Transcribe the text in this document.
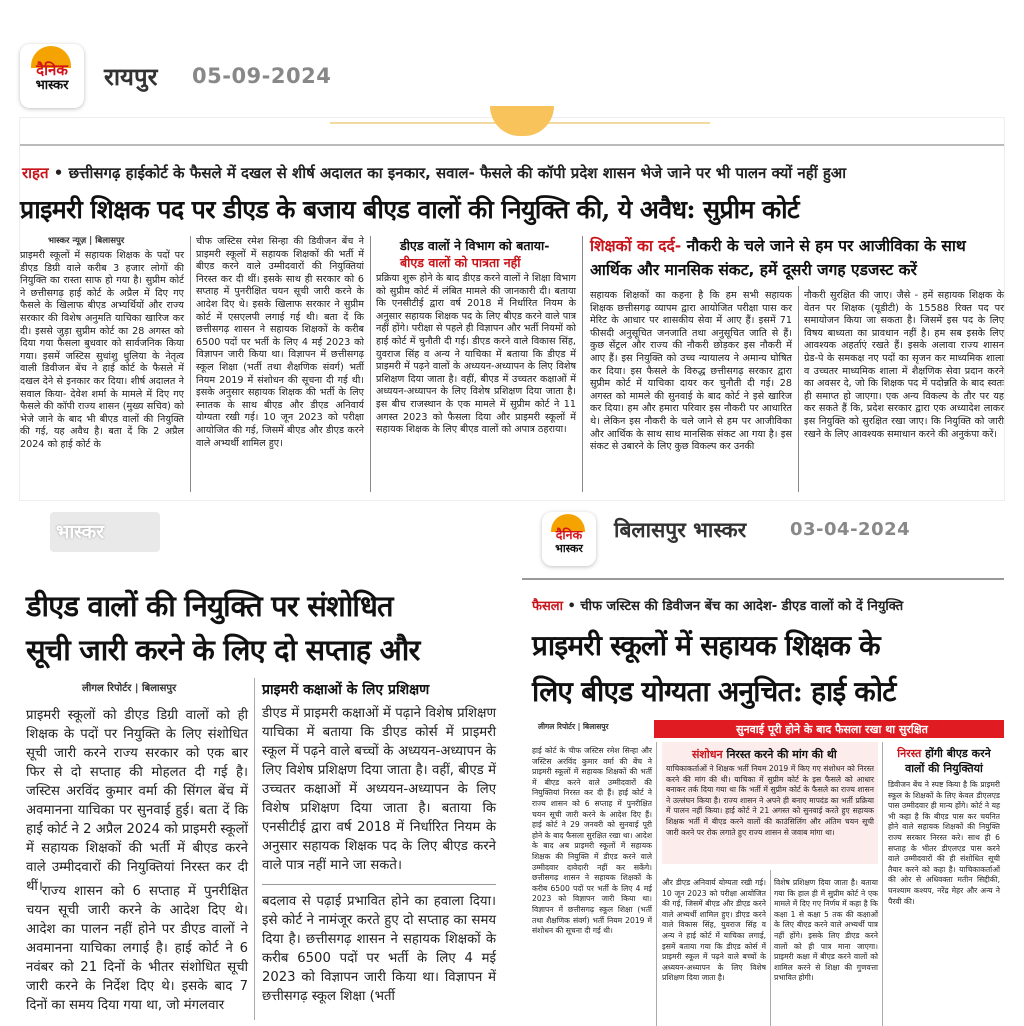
दैनिक
भास्कर	रायपुर 05-09-2024
राहत • छत्तीसगढ़ हाईकोर्ट के फैसले में दखल से शीर्ष अदालत का इनकार, सवाल- फैसले की कॉपी प्रदेश शासन भेजे जाने पर भी पालन क्यों नहीं हुआ
प्राइमरी शिक्षक पद पर डीएड के बजाय बीएड वालों की नियुक्ति की, ये अवैध: सुप्रीम कोर्ट
भास्कर न्यूज़ | बिलासपुर
प्राइमरी स्कूलों में सहायक शिक्षक के पदों पर डीएड डिग्री वाले करीब 3 हजार लोगों की नियुक्ति का रास्ता साफ हो गया है। सुप्रीम कोर्ट ने छत्तीसगढ़ हाई कोर्ट के अप्रैल में दिए गए फैसले के खिलाफ बीएड अभ्यर्थियों और राज्य सरकार की विशेष अनुमति याचिका खारिज कर दी। इससे जुड़ा सुप्रीम कोर्ट का 28 अगस्त को दिया गया फैसला बुधवार को सार्वजनिक किया गया। इसमें जस्टिस सुधांशु धुलिया के नेतृत्व वाली डिवीजन बेंच ने हाई कोर्ट के फैसले में दखल देने से इनकार कर दिया। शीर्ष अदालत ने सवाल किया- देवेश शर्मा के मामले में दिए गए फैसले की कॉपी राज्य शासन (मुख्य सचिव) को भेजे जाने के बाद भी बीएड वालों की नियुक्ति की गई, यह अवैध है। बता दें कि 2 अप्रैल 2024 को हाई कोर्ट के
चीफ जस्टिस रमेश सिन्हा की डिवीजन बेंच ने प्राइमरी स्कूलों में सहायक शिक्षकों की भर्ती में बीएड करने वाले उम्मीदवारों की नियुक्तियां निरस्त कर दी थीं। इसके साथ ही सरकार को 6 सप्ताह में पुनरीक्षित चयन सूची जारी करने के आदेश दिए थे। इसके खिलाफ सरकार ने सुप्रीम कोर्ट में एसएलपी लगाई गई थी। बता दें कि छत्तीसगढ़ शासन ने सहायक शिक्षकों के करीब 6500 पदों पर भर्ती के लिए 4 मई 2023 को विज्ञापन जारी किया था। विज्ञापन में छत्तीसगढ़ स्कूल शिक्षा (भर्ती तथा शैक्षणिक संवर्ग) भर्ती नियम 2019 में संशोधन की सूचना दी गई थी। इसके अनुसार सहायक शिक्षक की भर्ती के लिए स्नातक के साथ बीएड और डीएड अनिवार्य योग्यता रखी गई। 10 जून 2023 को परीक्षा आयोजित की गई, जिसमें बीएड और डीएड करने वाले अभ्यर्थी शामिल हुए।
डीएड वालों ने विभाग को बताया-
बीएड वालों को पात्रता नहीं
प्रक्रिया शुरू होने के बाद डीएड करने वालों ने शिक्षा विभाग को सुप्रीम कोर्ट में लंबित मामले की जानकारी दी। बताया कि एनसीटीई द्वारा वर्ष 2018 में निर्धारित नियम के अनुसार सहायक शिक्षक पद के लिए बीएड करने वाले पात्र नहीं होंगे। परीक्षा से पहले ही विज्ञापन और भर्ती नियमों को हाई कोर्ट में चुनौती दी गई। डीएड करने वाले विकास सिंह, युवराज सिंह व अन्य ने याचिका में बताया कि डीएड में प्राइमरी में पढ़ने वालों के अध्ययन-अध्यापन के लिए विशेष प्रशिक्षण दिया जाता है। वहीं, बीएड में उच्चतर कक्षाओं में अध्ययन-अध्यापन के लिए विशेष प्रशिक्षण दिया जाता है। इस बीच राजस्थान के एक मामले में सुप्रीम कोर्ट ने 11 अगस्त 2023 को फैसला दिया और प्राइमरी स्कूलों में सहायक शिक्षक के लिए बीएड वालों को अपात्र ठहराया।
शिक्षकों का दर्द- नौकरी के चले जाने से हम पर आजीविका के साथ आर्थिक और मानसिक संकट, हमें दूसरी जगह एडजस्ट करें
सहायक शिक्षकों का कहना है कि हम सभी सहायक शिक्षक छत्तीसगढ़ व्यापम द्वारा आयोजित परीक्षा पास कर मेरिट के आधार पर शासकीय सेवा में आए हैं। इसमें 71 फीसदी अनुसूचित जनजाति तथा अनुसूचित जाति से हैं। कुछ सेंट्रल और राज्य की नौकरी छोड़कर इस नौकरी में आए हैं। इस नियुक्ति को उच्च न्यायालय ने अमान्य घोषित कर दिया। इस फैसले के विरुद्ध छत्तीसगढ़ सरकार द्वारा सुप्रीम कोर्ट में याचिका दायर कर चुनौती दी गई। 28 अगस्त को मामले की सुनवाई के बाद कोर्ट ने इसे खारिज कर दिया। हम और हमारा परिवार इस नौकरी पर आधारित थे। लेकिन इस नौकरी के चले जाने से हम पर आजीविका और आर्थिक के साथ साथ मानसिक संकट आ गया है। इस संकट से उबारने के लिए कुछ विकल्प कर उनकी
नौकरी सुरक्षित की जाए। जैसे - हमें सहायक शिक्षक के वेतन पर शिक्षक (यूडीटी) के 15588 रिक्त पद पर समायोजन किया जा सकता है। जिसमें इस पद के लिए विषय बाध्यता का प्रावधान नहीं है। हम सब इसके लिए आवश्यक अहर्ताएं रखते हैं। इसके अलावा राज्य शासन ग्रेड-पे के समकक्ष नए पदों का सृजन कर माध्यमिक शाला व उच्चतर माध्यमिक शाला में शैक्षणिक सेवा प्रदान करने का अवसर दे, जो कि शिक्षक पद में पदोन्नति के बाद स्वतः ही समाप्त हो जाएगा। एक अन्य विकल्प के तौर पर यह कर सकते हैं कि, प्रदेश सरकार द्वारा एक अध्यादेश लाकर इस नियुक्ति को सुरक्षित रखा जाए। कि नियुक्ति को जारी रखने के लिए आवश्यक समाधान करने की अनुकंपा करें।
भास्कर
डीएड वालों की नियुक्ति पर संशोधित
सूची जारी करने के लिए दो सप्ताह और
लीगल रिपोर्टर | बिलासपुर
प्राइमरी स्कूलों को डीएड डिग्री वालों को ही शिक्षक के पदों पर नियुक्ति के लिए संशोधित सूची जारी करने राज्य सरकार को एक बार फिर से दो सप्ताह की मोहलत दी गई है। जस्टिस अरविंद कुमार वर्मा की सिंगल बेंच में अवमानना याचिका पर सुनवाई हुई। बता दें कि हाई कोर्ट ने 2 अप्रैल 2024 को प्राइमरी स्कूलों में सहायक शिक्षकों की भर्ती में बीएड करने वाले उम्मीदवारों की नियुक्तियां निरस्त कर दी थीं। राज्य शासन को 6 सप्ताह में पुनरीक्षित चयन सूची जारी करने के आदेश दिए थे। आदेश का पालन नहीं होने पर डीएड वालों ने अवमानना याचिका लगाई है। हाई कोर्ट ने 6 नवंबर को 21 दिनों के भीतर संशोधित सूची जारी करने के निर्देश दिए थे। इसके बाद 7 दिनों का समय दिया गया था, जो मंगलवार
प्राइमरी कक्षाओं के लिए प्रशिक्षण
डीएड में प्राइमरी कक्षाओं में पढ़ाने विशेष प्रशिक्षण याचिका में बताया कि डीएड कोर्स में प्राइमरी स्कूल में पढ़ने वाले बच्चों के अध्ययन-अध्यापन के लिए विशेष प्रशिक्षण दिया जाता है। वहीं, बीएड में उच्चतर कक्षाओं में अध्ययन-अध्यापन के लिए विशेष प्रशिक्षण दिया जाता है। बताया कि एनसीटीई द्वारा वर्ष 2018 में निर्धारित नियम के अनुसार सहायक शिक्षक पद के लिए बीएड करने वाले पात्र नहीं माने जा सकते।
बदलाव से पढ़ाई प्रभावित होने का हवाला दिया। इसे कोर्ट ने नामंजूर करते हुए दो सप्ताह का समय दिया है। छत्तीसगढ़ शासन ने सहायक शिक्षकों के करीब 6500 पदों पर भर्ती के लिए 4 मई 2023 को विज्ञापन जारी किया था। विज्ञापन में छत्तीसगढ़ स्कूल शिक्षा (भर्ती
दैनिक
भास्कर
बिलासपुर भास्कर 03-04-2024
फैसला • चीफ जस्टिस की डिवीजन बेंच का आदेश- डीएड वालों को दें नियुक्ति
प्राइमरी स्कूलों में सहायक शिक्षक के
लिए बीएड योग्यता अनुचित: हाई कोर्ट
लीगल रिपोर्टर | बिलासपुर	सुनवाई पूरी होने के बाद फैसला रखा था सुरक्षित
हाई कोर्ट के चीफ जस्टिस रमेश सिन्हा और जस्टिस अरविंद कुमार वर्मा की बेंच ने प्राइमरी स्कूलों में सहायक शिक्षकों की भर्ती में बीएड करने वाले उम्मीदवारों की नियुक्तियां निरस्त कर दी हैं। हाई कोर्ट ने राज्य शासन को 6 सप्ताह में पुनरीक्षित चयन सूची जारी करने के आदेश दिए हैं। हाई कोर्ट ने 29 जनवरी को सुनवाई पूरी होने के बाद फैसला सुरक्षित रखा था। आदेश के बाद अब प्राइमरी स्कूलों में सहायक शिक्षक की नियुक्ति में डीएड करने वाले उम्मीदवार दावेदारी नहीं कर सकेंगे। छत्तीसगढ़ शासन ने सहायक शिक्षकों के करीब 6500 पदों पर भर्ती के लिए 4 मई 2023 को विज्ञापन जारी किया था। विज्ञापन में छत्तीसगढ़ स्कूल शिक्षा (भर्ती तथा शैक्षणिक संवर्ग) भर्ती नियम 2019 में संशोधन की सूचना दी गई थी।
संशोधन निरस्त करने की मांग की थी
याचिकाकर्ताओं ने शिक्षक भर्ती नियम 2019 में किए गए संशोधन को निरस्त करने की मांग की थी। याचिका में सुप्रीम कोर्ट के इस फैसले को आधार बनाकर तर्क दिया गया था कि भर्ती में सुप्रीम कोर्ट के फैसले का राज्य शासन ने उल्लंघन किया है। राज्य शासन ने अपने ही बनाए मापदंड का भर्ती प्रक्रिया में पालन नहीं किया। हाई कोर्ट ने 21 अगस्त को सुनवाई करते हुए सहायक शिक्षक भर्ती में बीएड करने वालों की काउंसिलिंग और अंतिम चयन सूची जारी करने पर रोक लगाते हुए राज्य शासन से जवाब मांगा था।
और डीएड अनिवार्य योग्यता रखी गई। 10 जून 2023 को परीक्षा आयोजित की गई, जिसमें बीएड और डीएड करने वाले अभ्यर्थी शामिल हुए। डीएड करने वाले विकास सिंह, युवराज सिंह व अन्य ने हाई कोर्ट में याचिका लगाई, इसमें बताया गया कि डीएड कोर्स में प्राइमरी स्कूल में पढ़ने वाले बच्चों के अध्ययन-अध्यापन के लिए विशेष प्रशिक्षण दिया जाता है।
विशेष प्रशिक्षण दिया जाता है। बताया गया कि हाल ही में सुप्रीम कोर्ट ने एक मामले में दिए गए निर्णय में कहा है कि कक्षा 1 से कक्षा 5 तक की कक्षाओं के लिए बीएड करने वाले अभ्यर्थी पात्र नहीं होंगे। इसके लिए डीएड करने वालों को ही पात्र माना जाएगा। प्राइमरी कक्षा में बीएड करने वालों को शामिल करने से शिक्षा की गुणवत्ता प्रभावित होगी।
निरस्त होंगी बीएड करने वालों की नियुक्तियां
डिवीजन बेंच ने स्पष्ट किया है कि प्राइमरी स्कूल के शिक्षकों के लिए केवल डीएलएड पास उम्मीदवार ही मान्य होंगे। कोर्ट ने यह भी कहा है कि बीएड पास कर चयनित होने वाले सहायक शिक्षकों की नियुक्ति राज्य सरकार निरस्त करे। साथ ही 6 सप्ताह के भीतर डीएलएड पास करने वाले उम्मीदवारों की ही संशोधित सूची तैयार करने को कहा है। याचिकाकर्ताओं की ओर से अधिवक्ता मतीन सिद्दीकी, घनश्याम कश्यप, नरेंद्र मेहर और अन्य ने पैरवी की।
